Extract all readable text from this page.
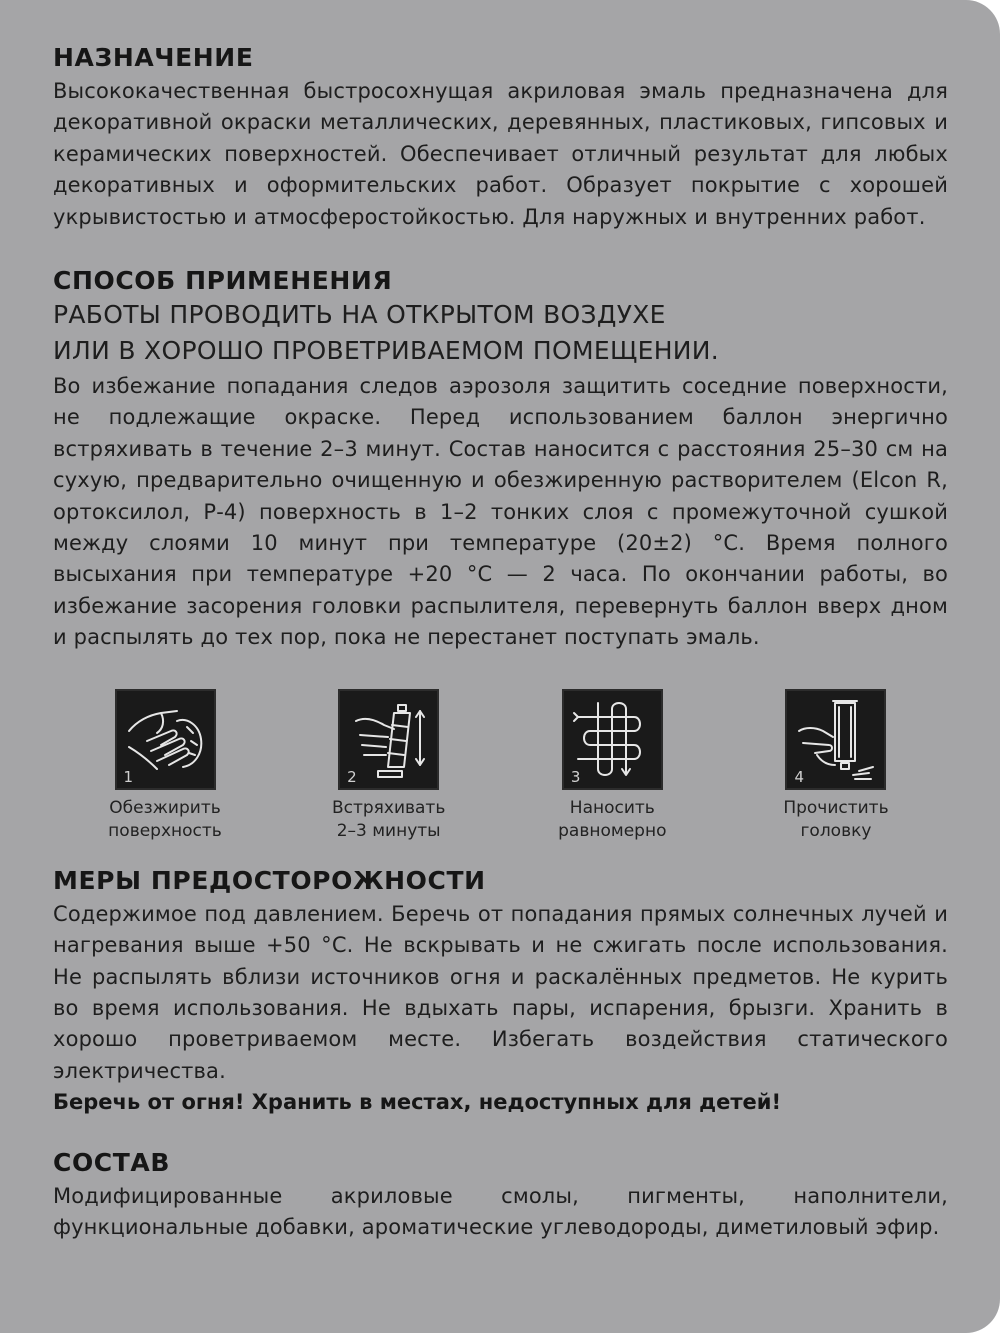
НАЗНАЧЕНИЕ

Высококачественная быстросохнущая акриловая эмаль предназначена для декоративной окраски металлических, деревянных, пластиковых, гипсовых и керамических поверхностей. Обеспечивает отличный результат для любых декоративных и оформительских работ. Образует покрытие с хорошей укрывистостью и атмосферостойкостью. Для наружных и внутренних работ.

СПОСОБ ПРИМЕНЕНИЯ
РАБОТЫ ПРОВОДИТЬ НА ОТКРЫТОМ ВОЗДУХЕ
ИЛИ В ХОРОШО ПРОВЕТРИВАЕМОМ ПОМЕЩЕНИИ.

Во избежание попадания следов аэрозоля защитить соседние поверхности, не подлежащие окраске. Перед использованием баллон энергично встряхивать в течение 2–3 минут. Состав наносится с расстояния 25–30 см на сухую, предварительно очищенную и обезжиренную растворителем (Elcon R, ортоксилол, Р-4) поверхность в 1–2 тонких слоя с промежуточной сушкой между слоями 10 минут при температуре (20±2) °С. Время полного высыхания при температуре +20 °С — 2 часа. По окончании работы, во избежание засорения головки распылителя, перевернуть баллон вверх дном и распылять до тех пор, пока не перестанет поступать эмаль.

1
Обезжирить
поверхность
2
Встряхивать
2–3 минуты
3
Наносить
равномерно
4
Прочистить
головку
МЕРЫ ПРЕДОСТОРОЖНОСТИ

Содержимое под давлением. Беречь от попадания прямых солнечных лучей и нагревания выше +50 °С. Не вскрывать и не сжигать после использования. Не распылять вблизи источников огня и раскалённых предметов. Не курить во время использования. Не вдыхать пары, испарения, брызги. Хранить в хорошо проветриваемом месте. Избегать воздействия статического электричества.

Беречь от огня! Хранить в местах, недоступных для детей!

СОСТАВ

Модифицированные акриловые смолы, пигменты, наполнители, функциональные добавки, ароматические углеводороды, диметиловый эфир.
